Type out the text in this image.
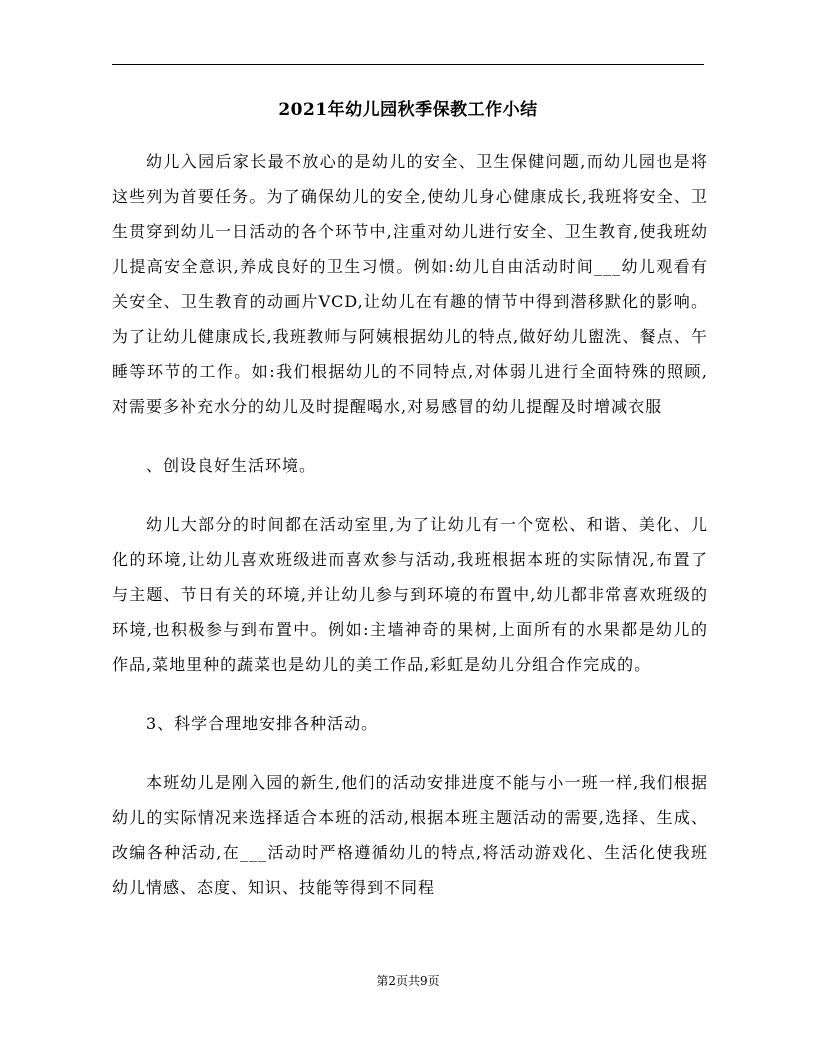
2021年幼儿园秋季保教工作小结

幼儿入园后家长最不放心的是幼儿的安全、卫生保健问题,而幼儿园也是将这些列为首要任务。为了确保幼儿的安全,使幼儿身心健康成长,我班将安全、卫生贯穿到幼儿一日活动的各个环节中,注重对幼儿进行安全、卫生教育,使我班幼儿提高安全意识,养成良好的卫生习惯。例如:幼儿自由活动时间___幼儿观看有关安全、卫生教育的动画片VCD,让幼儿在有趣的情节中得到潜移默化的影响。为了让幼儿健康成长,我班教师与阿姨根据幼儿的特点,做好幼儿盥洗、餐点、午睡等环节的工作。如:我们根据幼儿的不同特点,对体弱儿进行全面特殊的照顾,对需要多补充水分的幼儿及时提醒喝水,对易感冒的幼儿提醒及时增减衣服

、创设良好生活环境。

幼儿大部分的时间都在活动室里,为了让幼儿有一个宽松、和谐、美化、儿化的环境,让幼儿喜欢班级进而喜欢参与活动,我班根据本班的实际情况,布置了与主题、节日有关的环境,并让幼儿参与到环境的布置中,幼儿都非常喜欢班级的环境,也积极参与到布置中。例如:主墙神奇的果树,上面所有的水果都是幼儿的作品,菜地里种的蔬菜也是幼儿的美工作品,彩虹是幼儿分组合作完成的。

3、科学合理地安排各种活动。

本班幼儿是刚入园的新生,他们的活动安排进度不能与小一班一样,我们根据幼儿的实际情况来选择适合本班的活动,根据本班主题活动的需要,选择、生成、改编各种活动,在___活动时严格遵循幼儿的特点,将活动游戏化、生活化使我班幼儿情感、态度、知识、技能等得到不同程

第2页共9页
